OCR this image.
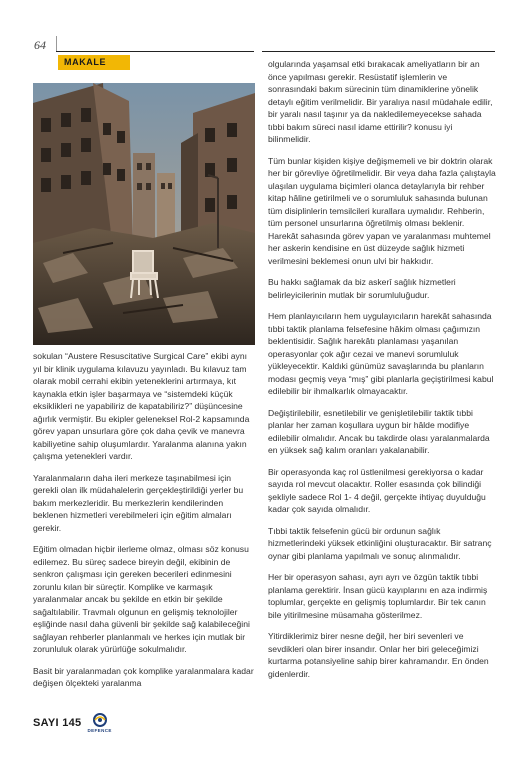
64
MAKALE

sokulan “Austere Resuscitative Surgical Care” ekibi aynı yıl bir klinik uygulama kılavuzu yayınladı. Bu kılavuz tam olarak mobil cerrahi ekibin yeteneklerini artırmaya, kıt kaynakla etkin işler başarmaya ve “sistemdeki küçük eksiklikleri ne yapabiliriz de kapatabiliriz?” düşüncesine ağırlık vermiştir. Bu ekipler geleneksel Rol-2 kapsamında görev yapan unsurlara göre çok daha çevik ve manevra kabiliyetine sahip oluşumlardır. Yaralanma alanına yakın çalışma yetenekleri vardır.

Yaralanmaların daha ileri merkeze taşınabilmesi için gerekli olan ilk müdahalelerin gerçekleştirildiği yerler bu bakım merkezleridir. Bu merkezlerin kendilerinden beklenen hizmetleri verebilmeleri için eğitim almaları gerekir.

Eğitim olmadan hiçbir ilerleme olmaz, olması söz konusu edilemez. Bu süreç sadece bireyin değil, ekibinin de senkron çalışması için gereken becerileri edinmesini zorunlu kılan bir süreçtir. Komplike ve karmaşık yaralanmalar ancak bu şekilde en etkin bir şekilde sağaltılabilir. Travmalı olgunun en gelişmiş teknolojiler eşliğinde nasıl daha güvenli bir şekilde sağ kalabileceğini sağlayan rehberler planlanmalı ve herkes için mutlak bir zorunluluk olarak yürürlüğe sokulmalıdır.

Basit bir yaralanmadan çok komplike yaralanmalara kadar değişen ölçekteki yaralanma

olgularında yaşamsal etki bırakacak ameliyatların bir an önce yapılması gerekir. Resüstatif işlemlerin ve sonrasındaki bakım sürecinin tüm dinamiklerine yönelik detaylı eğitim verilmelidir. Bir yaralıya nasıl müdahale edilir, bir yaralı nasıl taşınır ya da nakledilemeyecekse sahada tıbbi bakım süreci nasıl idame ettirilir? konusu iyi bilinmelidir.

Tüm bunlar kişiden kişiye değişmemeli ve bir doktrin olarak her bir görevliye öğretilmelidir. Bir veya daha fazla çalıştayla ulaşılan uygulama biçimleri olanca detaylarıyla bir rehber kitap hâline getirilmeli ve o sorumluluk sahasında bulunan tüm disiplinlerin temsilcileri kurallara uymalıdır. Rehberin, tüm personel unsurlarına öğretilmiş olması beklenir. Harekât sahasında görev yapan ve yaralanması muhtemel her askerin kendisine en üst düzeyde sağlık hizmeti verilmesini beklemesi onun ulvi bir hakkıdır.

Bu hakkı sağlamak da biz askerî sağlık hizmetleri belirleyicilerinin mutlak bir sorumluluğudur.

Hem planlayıcıların hem uygulayıcıların harekât sahasında tıbbi taktik planlama felsefesine hâkim olması çağımızın beklentisidir. Sağlık harekâtı planlaması yaşanılan operasyonlar çok ağır cezai ve manevi sorumluluk yükleyecektir. Kaldıki günümüz savaşlarında bu planların modası geçmiş veya “mış” gibi planlarla geçiştirilmesi kabul edilebilir bir ihmalkarlık olmayacaktır.

Değiştirilebilir, esnetilebilir ve genişletilebilir taktik tıbbi planlar her zaman koşullara uygun bir hâlde modifiye edilebilir olmalıdır. Ancak bu takdirde olası yaralanmalarda en yüksek sağ kalım oranları yakalanabilir.

Bir operasyonda kaç rol üstlenilmesi gerekiyorsa o kadar sayıda rol mevcut olacaktır. Roller esasında çok bilindiği şekliyle sadece Rol 1- 4 değil, gerçekte ihtiyaç duyulduğu kadar çok sayıda olmalıdır.

Tıbbi taktik felsefenin gücü bir ordunun sağlık hizmetlerindeki yüksek etkinliğini oluşturacaktır. Bir satranç oynar gibi planlama yapılmalı ve sonuç alınmalıdır.

Her bir operasyon sahası, ayrı ayrı ve özgün taktik tıbbi planlama gerektirir. İnsan gücü kayıplarını en aza indirmiş toplumlar, gerçekte en gelişmiş toplumlardır. Bir tek canın bile yitirilmesine müsamaha gösterilmez.

Yitirdiklerimiz birer nesne değil, her biri sevenleri ve sevdikleri olan birer insandır. Onlar her biri geleceğimizi kurtarma potansiyeline sahip birer kahramandır. En önden gidenlerdir.

SAYI 145
DEFENCE
